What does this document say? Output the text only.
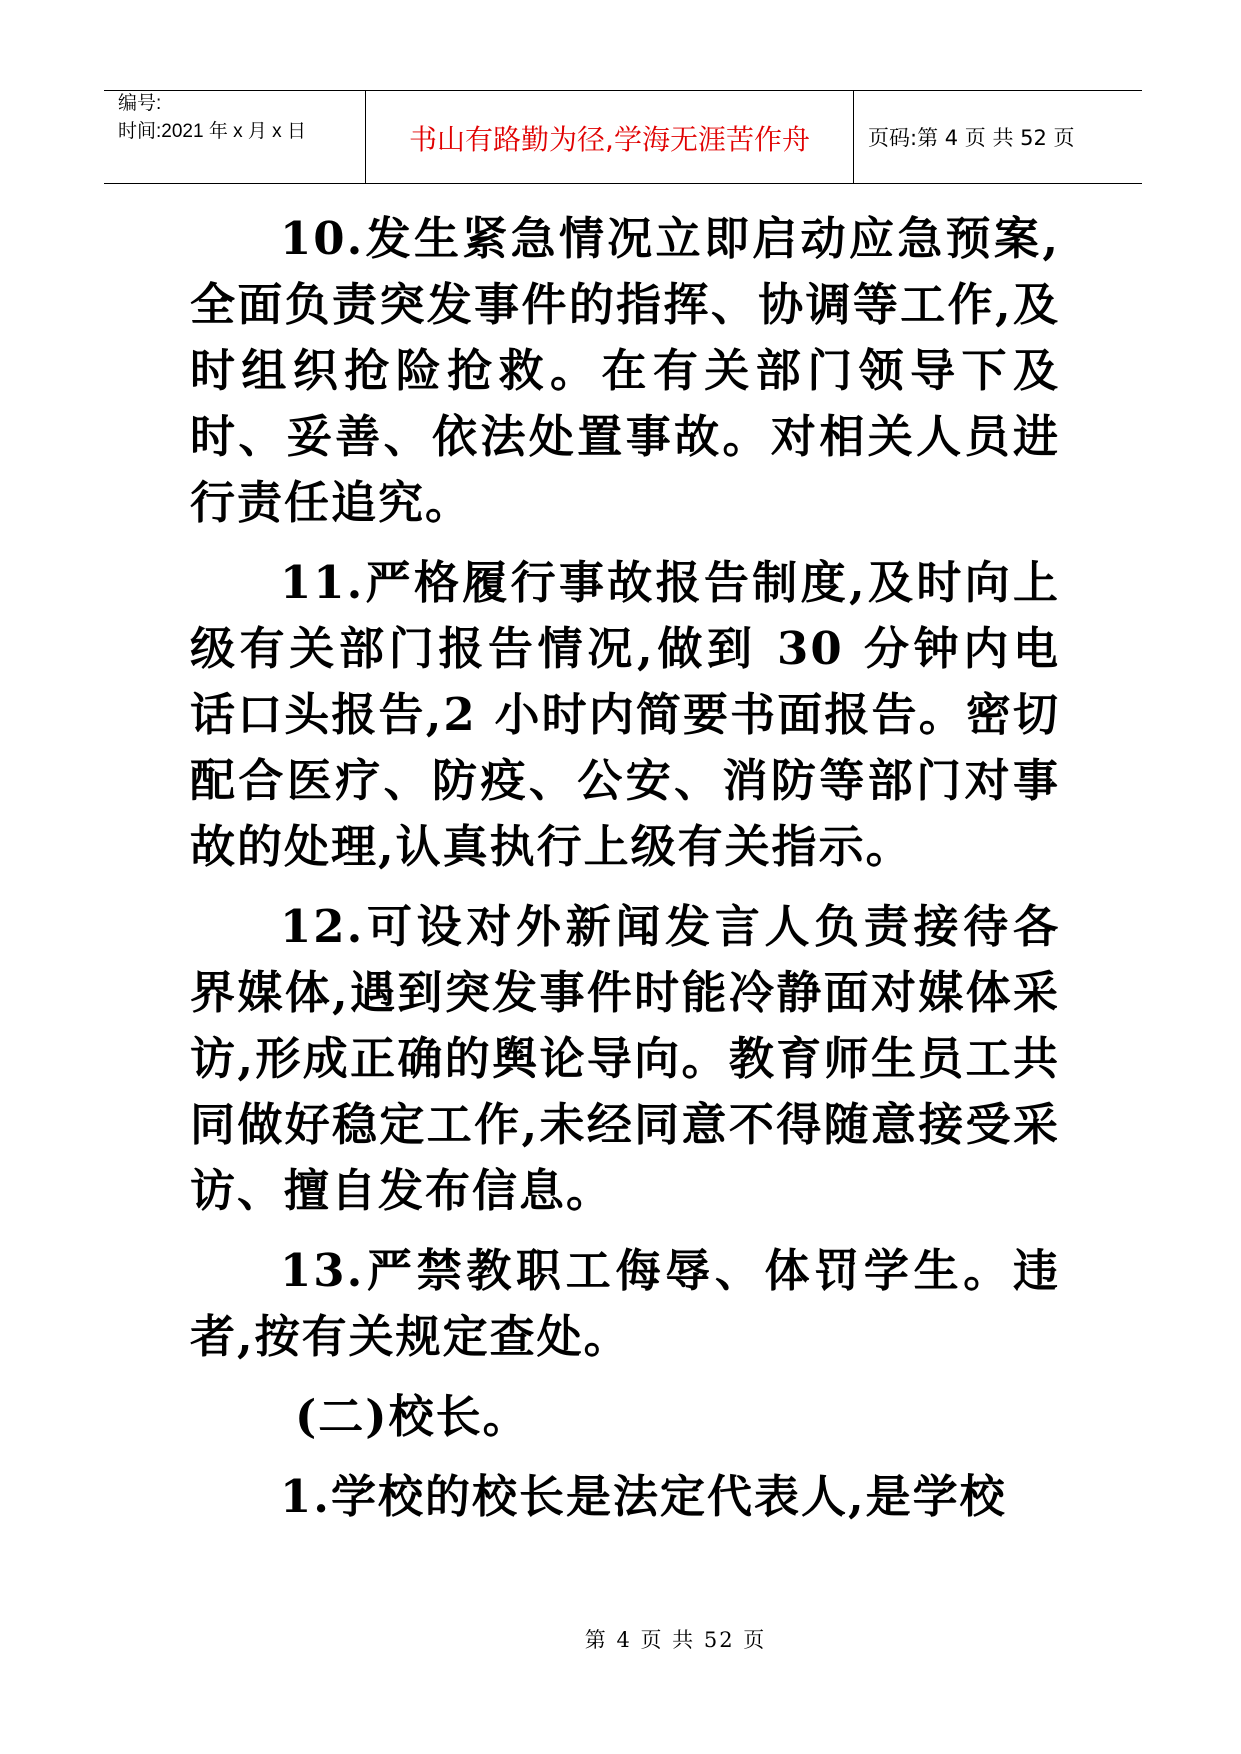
编号:
时间:2021 年 x 月 x 日	书山有路勤为径,学海无涯苦作舟	页码:第 4 页 共 52 页

10.发生紧急情况立即启动应急预案,全面负责突发事件的指挥、协调等工作,及时组织抢险抢救。在有关部门领导下及时、妥善、依法处置事故。对相关人员进行责任追究。

11.严格履行事故报告制度,及时向上级有关部门报告情况,做到 30 分钟内电话口头报告,2 小时内简要书面报告。密切配合医疗、防疫、公安、消防等部门对事故的处理,认真执行上级有关指示。

12.可设对外新闻发言人负责接待各界媒体,遇到突发事件时能冷静面对媒体采访,形成正确的舆论导向。教育师生员工共同做好稳定工作,未经同意不得随意接受采访、擅自发布信息。

13.严禁教职工侮辱、体罚学生。违者,按有关规定查处。

(二)校长。

1.学校的校长是法定代表人,是学校

第 4 页 共 52 页
